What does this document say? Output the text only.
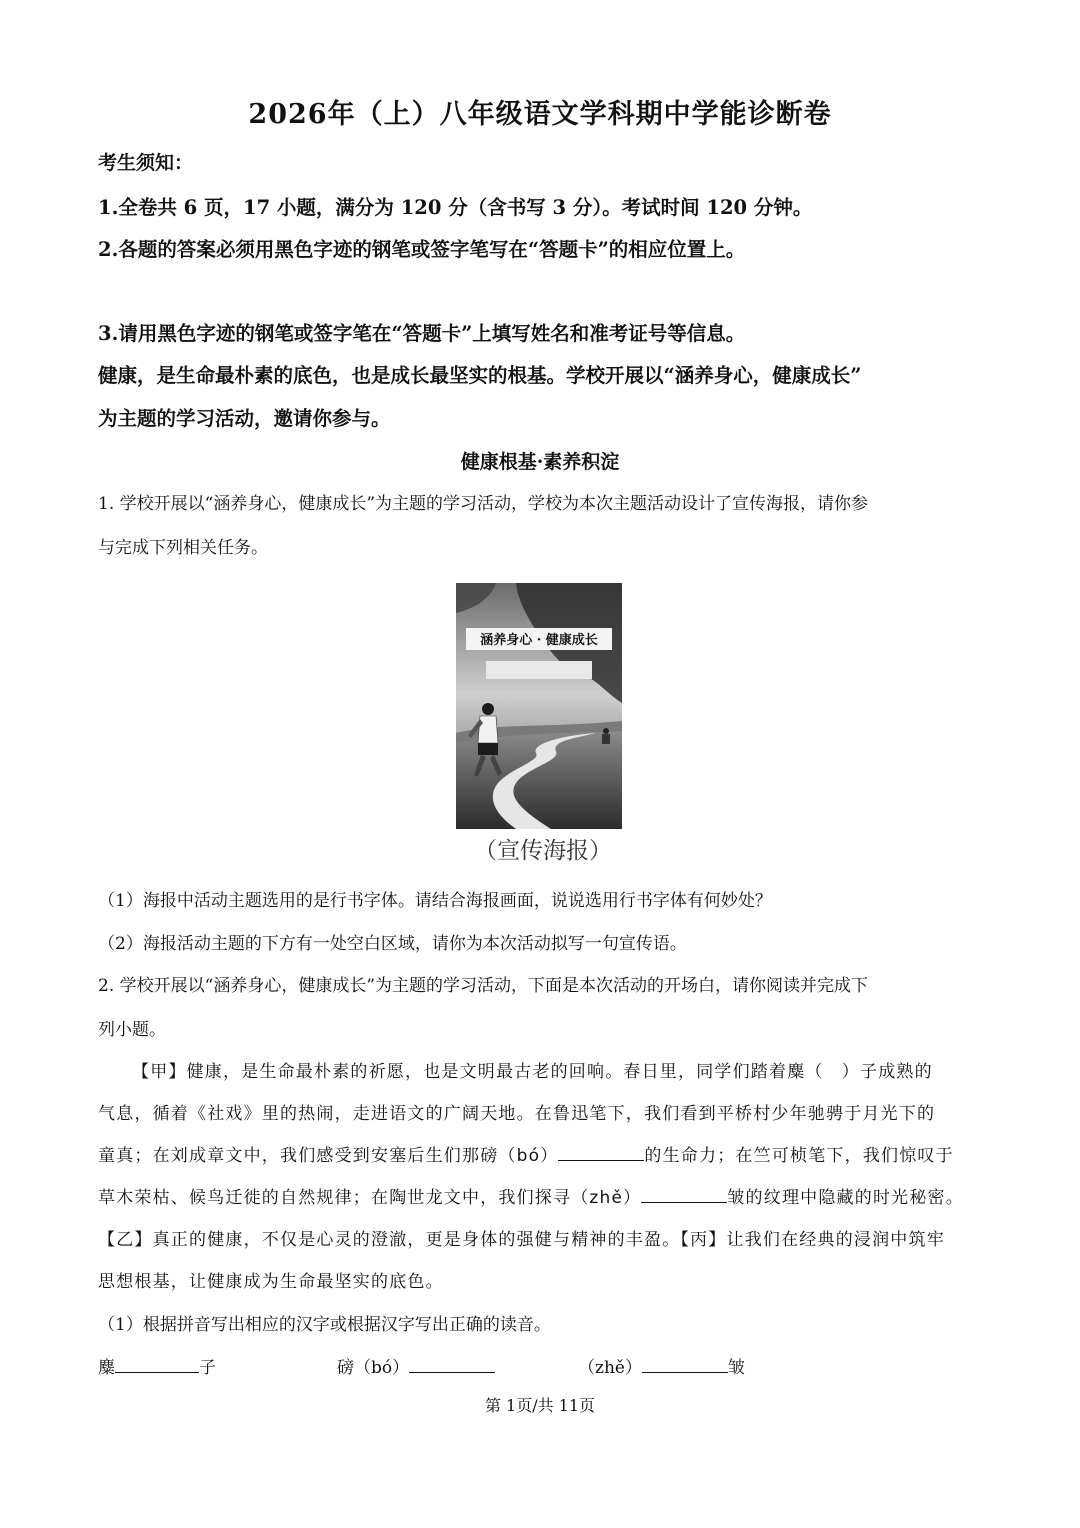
2026年（上）八年级语文学科期中学能诊断卷
考生须知：
1.全卷共 6 页，17 小题，满分为 120 分（含书写 3 分）。考试时间 120 分钟。
2.各题的答案必须用黑色字迹的钢笔或签字笔写在“答题卡”的相应位置上。
3.请用黑色字迹的钢笔或签字笔在“答题卡”上填写姓名和准考证号等信息。
健康，是生命最朴素的底色，也是成长最坚实的根基。学校开展以“涵养身心，健康成长”
为主题的学习活动，邀请你参与。
健康根基·素养积淀
1. 学校开展以“涵养身心，健康成长”为主题的学习活动，学校为本次主题活动设计了宣传海报，请你参
与完成下列相关任务。
涵养身心 · 健康成长
（宣传海报）
（1）海报中活动主题选用的是行书字体。请结合海报画面，说说选用行书字体有何妙处？
（2）海报活动主题的下方有一处空白区域，请你为本次活动拟写一句宣传语。
2. 学校开展以“涵养身心，健康成长”为主题的学习活动，下面是本次活动的开场白，请你阅读并完成下
列小题。
【甲】健康，是生命最朴素的祈愿，也是文明最古老的回响。春日里，同学们踏着麋（　）子成熟的
气息，循着《社戏》里的热闹，走进语文的广阔天地。在鲁迅笔下，我们看到平桥村少年驰骋于月光下的
童真；在刘成章文中，我们感受到安塞后生们那磅（bó）	的生命力；在竺可桢笔下，我们惊叹于
草木荣枯、候鸟迁徙的自然规律；在陶世龙文中，我们探寻（zhě）	皱的纹理中隐藏的时光秘密。
【乙】真正的健康，不仅是心灵的澄澈，更是身体的强健与精神的丰盈。【丙】让我们在经典的浸润中筑牢
思想根基，让健康成为生命最坚实的底色。
（1）根据拼音写出相应的汉字或根据汉字写出正确的读音。
麋	子	磅（bó）	（zhě）	皱
第 1页/共 11页
